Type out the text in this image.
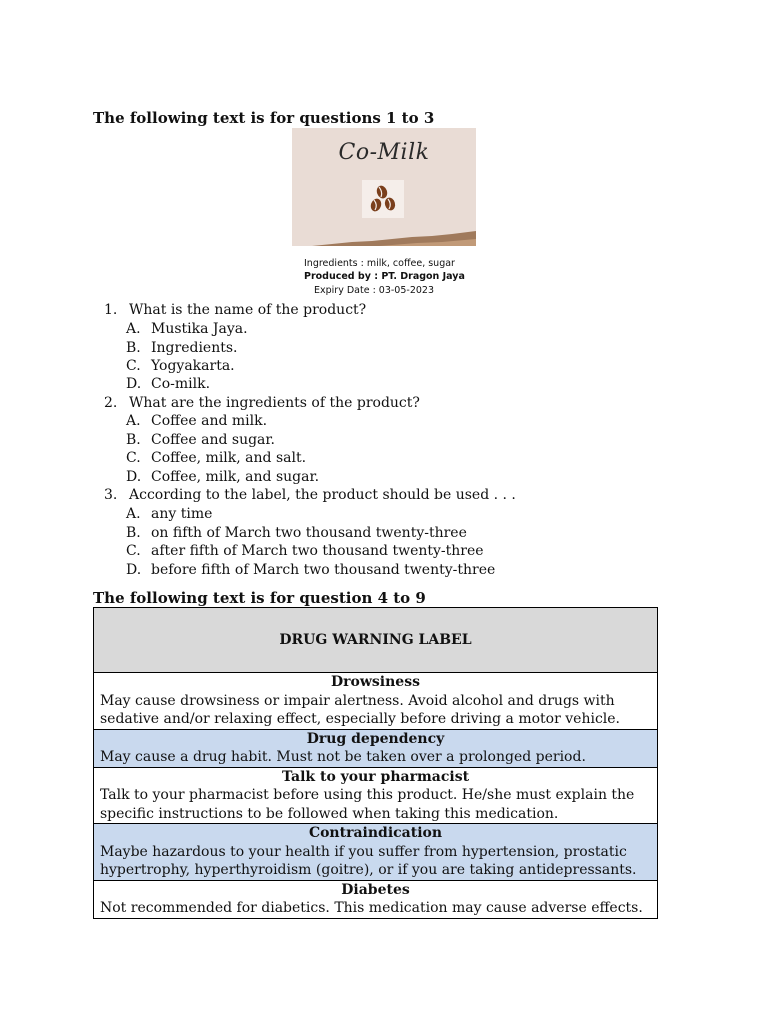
The following text is for questions 1 to 3
Co-Milk
Ingredients : milk, coffee, sugar
Produced by : PT. Dragon Jaya
Expiry Date : 03-05-2023
1. What is the name of the product?
A. Mustika Jaya.
B. Ingredients.
C. Yogyakarta.
D. Co-milk.
2. What are the ingredients of the product?
A. Coffee and milk.
B. Coffee and sugar.
C. Coffee, milk, and salt.
D. Coffee, milk, and sugar.
3. According to the label, the product should be used . . .
A. any time
B. on fifth of March two thousand twenty-three
C. after fifth of March two thousand twenty-three
D. before fifth of March two thousand twenty-three
The following text is for question 4 to 9
DRUG WARNING LABEL
Drowsiness
May cause drowsiness or impair alertness. Avoid alcohol and drugs with sedative and/or relaxing effect, especially before driving a motor vehicle.
Drug dependency
May cause a drug habit. Must not be taken over a prolonged period.
Talk to your pharmacist
Talk to your pharmacist before using this product. He/she must explain the specific instructions to be followed when taking this medication.
Contraindication
Maybe hazardous to your health if you suffer from hypertension, prostatic hypertrophy, hyperthyroidism (goitre), or if you are taking antidepressants.
Diabetes
Not recommended for diabetics. This medication may cause adverse effects.
